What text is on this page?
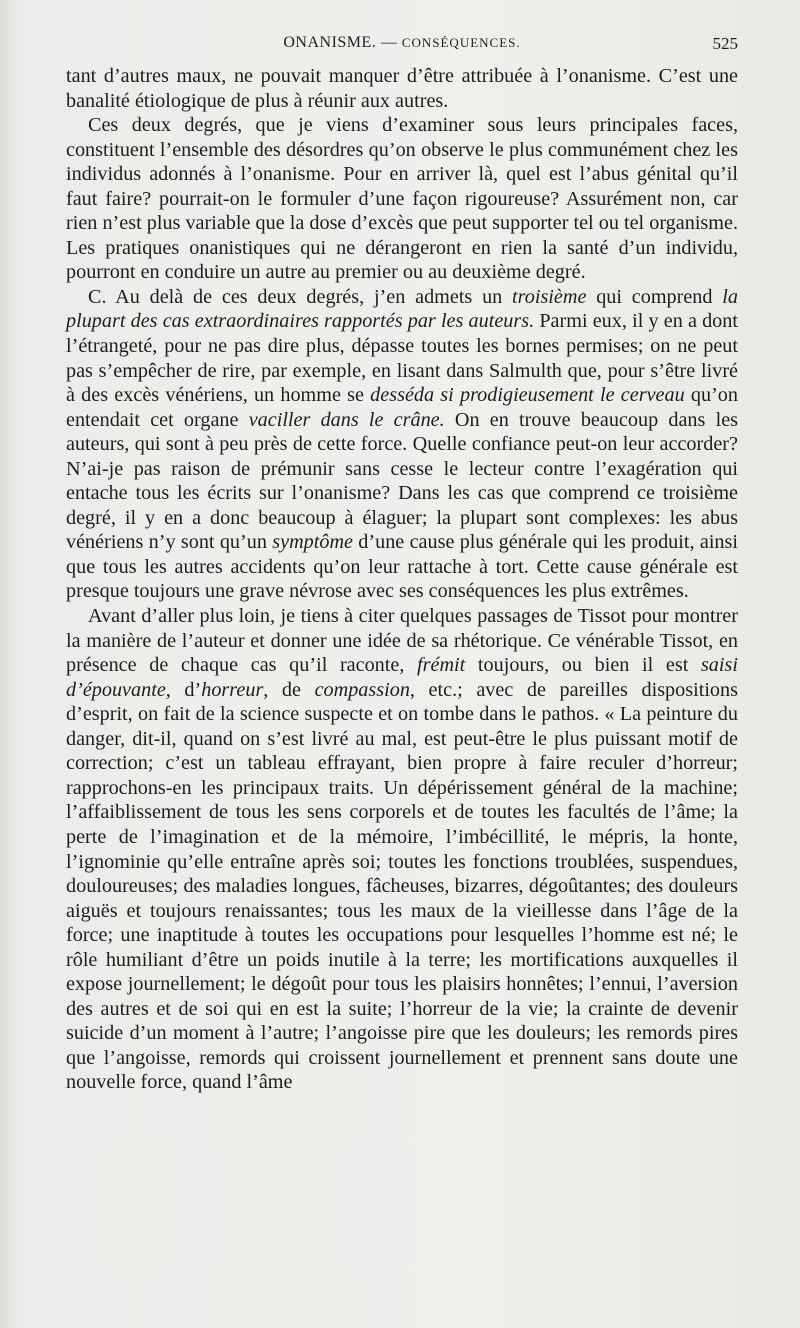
ONANISME. — CONSÉQUENCES.	525

tant d’autres maux, ne pouvait manquer d’être attribuée à l’onanisme. C’est une banalité étiologique de plus à réunir aux autres.

Ces deux degrés, que je viens d’examiner sous leurs principales faces, constituent l’ensemble des désordres qu’on observe le plus communément chez les individus adonnés à l’onanisme. Pour en arriver là, quel est l’abus génital qu’il faut faire? pourrait-on le formuler d’une façon rigoureuse? Assurément non, car rien n’est plus variable que la dose d’excès que peut supporter tel ou tel organisme. Les pratiques onanistiques qui ne dérangeront en rien la santé d’un individu, pourront en conduire un autre au premier ou au deuxième degré.

C. Au delà de ces deux degrés, j’en admets un troisième qui comprend la plupart des cas extraordinaires rapportés par les auteurs. Parmi eux, il y en a dont l’étrangeté, pour ne pas dire plus, dépasse toutes les bornes permises; on ne peut pas s’empêcher de rire, par exemple, en lisant dans Salmulth que, pour s’être livré à des excès vénériens, un homme se desséda si prodigieusement le cerveau qu’on entendait cet organe vaciller dans le crâne. On en trouve beaucoup dans les auteurs, qui sont à peu près de cette force. Quelle confiance peut-on leur accorder? N’ai-je pas raison de prémunir sans cesse le lecteur contre l’exagération qui entache tous les écrits sur l’onanisme? Dans les cas que comprend ce troisième degré, il y en a donc beaucoup à élaguer; la plupart sont complexes: les abus vénériens n’y sont qu’un symptôme d’une cause plus générale qui les produit, ainsi que tous les autres accidents qu’on leur rattache à tort. Cette cause générale est presque toujours une grave névrose avec ses conséquences les plus extrêmes.

Avant d’aller plus loin, je tiens à citer quelques passages de Tissot pour montrer la manière de l’auteur et donner une idée de sa rhétorique. Ce vénérable Tissot, en présence de chaque cas qu’il raconte, frémit toujours, ou bien il est saisi d’épouvante, d’horreur, de compassion, etc.; avec de pareilles dispositions d’esprit, on fait de la science suspecte et on tombe dans le pathos. « La peinture du danger, dit-il, quand on s’est livré au mal, est peut-être le plus puissant motif de correction; c’est un tableau effrayant, bien propre à faire reculer d’horreur; rapprochons-en les principaux traits. Un dépérissement général de la machine; l’affaiblissement de tous les sens corporels et de toutes les facultés de l’âme; la perte de l’imagination et de la mémoire, l’imbécillité, le mépris, la honte, l’ignominie qu’elle entraîne après soi; toutes les fonctions troublées, suspendues, douloureuses; des maladies longues, fâcheuses, bizarres, dégoûtantes; des douleurs aiguës et toujours renaissantes; tous les maux de la vieillesse dans l’âge de la force; une inaptitude à toutes les occupations pour lesquelles l’homme est né; le rôle humiliant d’être un poids inutile à la terre; les mortifications auxquelles il expose journellement; le dégoût pour tous les plaisirs honnêtes; l’ennui, l’aversion des autres et de soi qui en est la suite; l’horreur de la vie; la crainte de devenir suicide d’un moment à l’autre; l’angoisse pire que les douleurs; les remords pires que l’angoisse, remords qui croissent journellement et prennent sans doute une nouvelle force, quand l’âme
